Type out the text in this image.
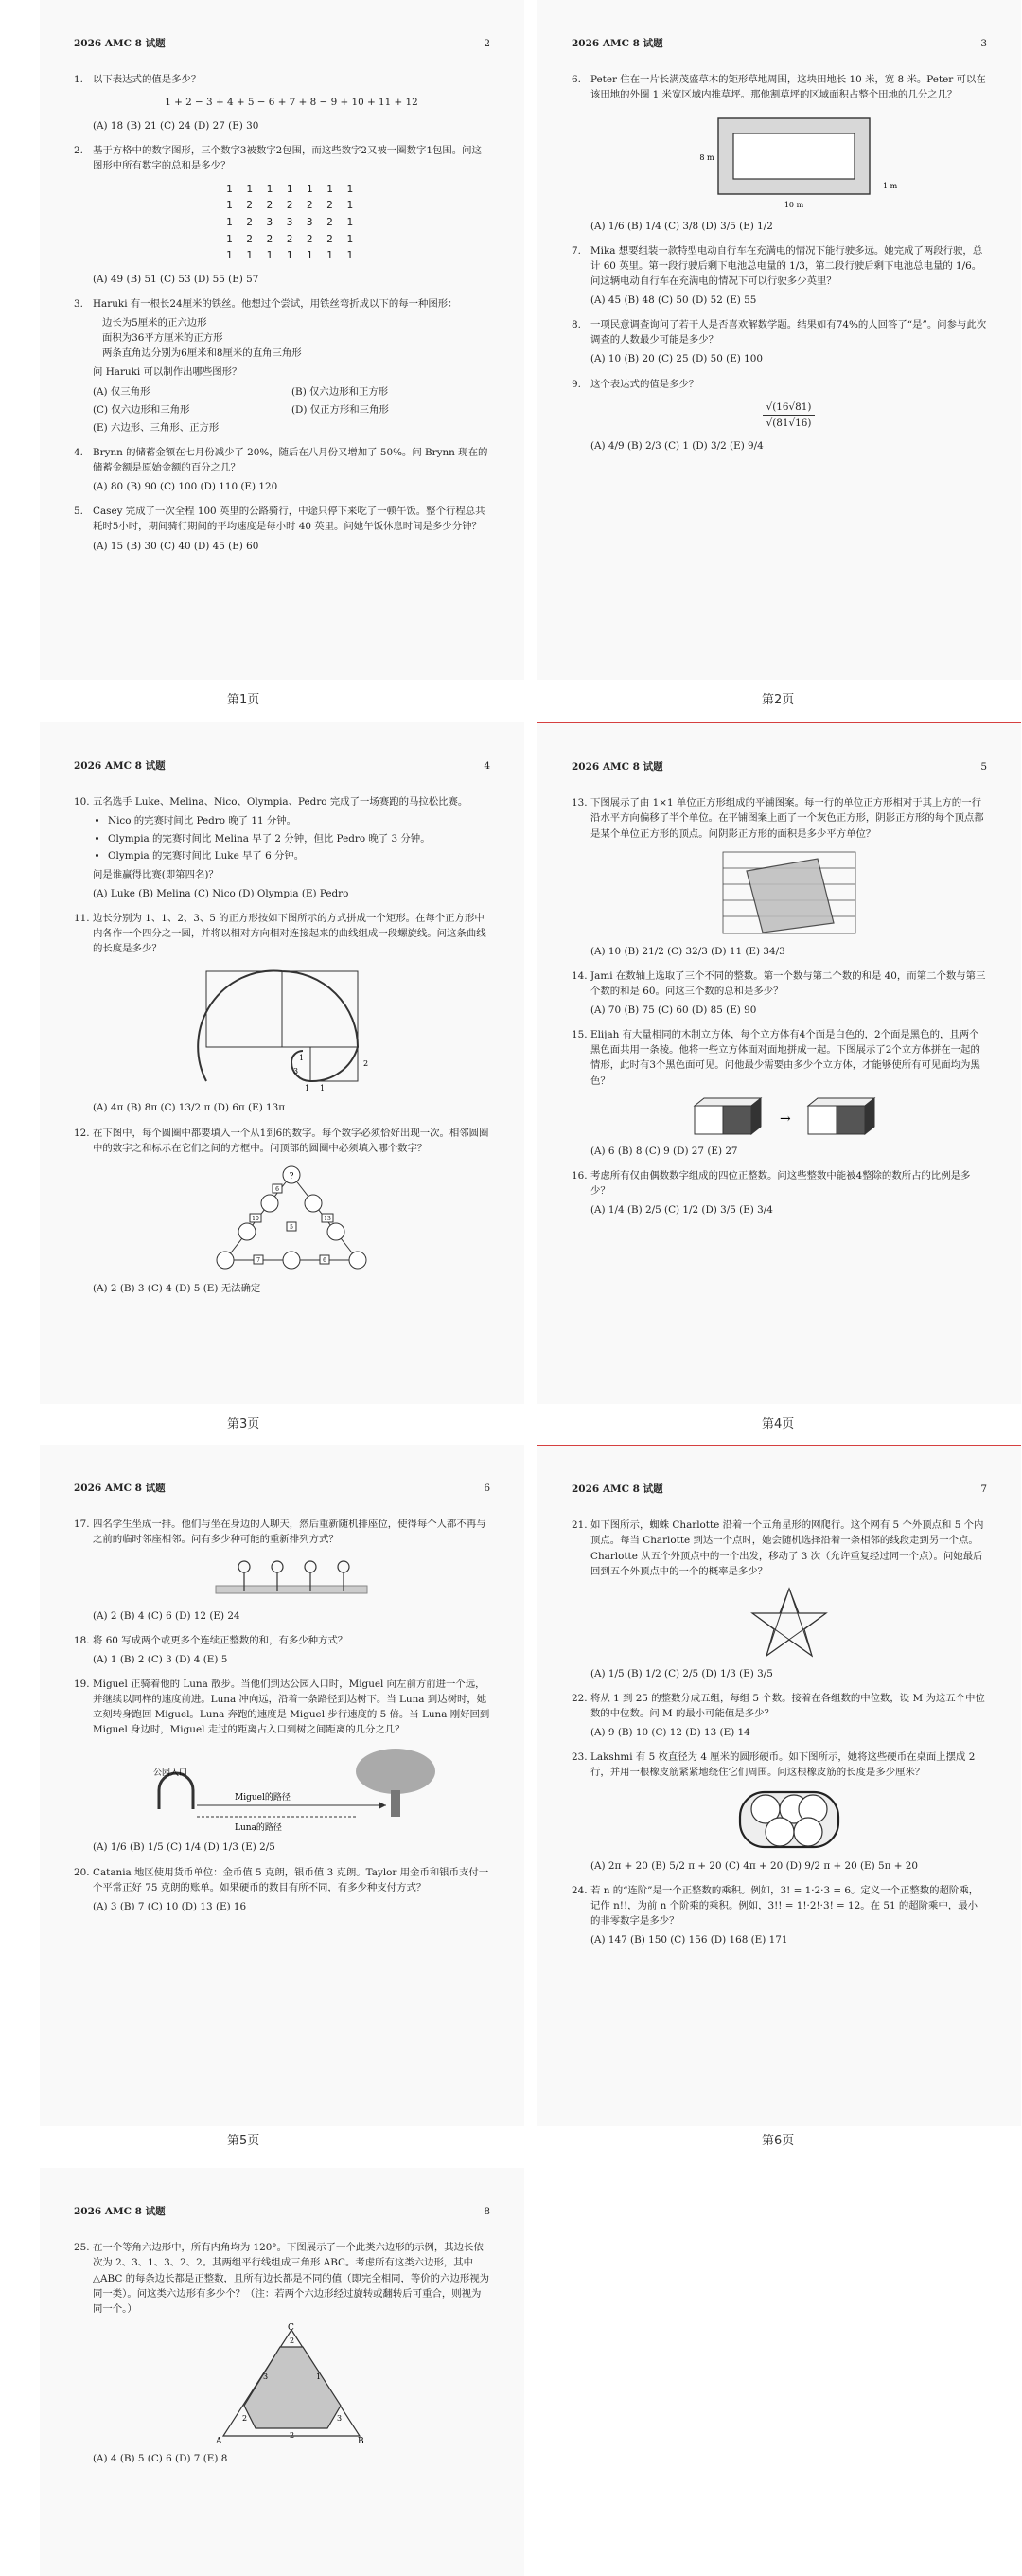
2026 AMC 8 试题	2
1. 以下表达式的值是多少？
1 + 2 − 3 + 4 + 5 − 6 + 7 + 8 − 9 + 10 + 11 + 12
(A) 18 (B) 21 (C) 24 (D) 27 (E) 30
2. 基于方格中的数字图形，三个数字3被数字2包围，而这些数字2又被一圈数字1包围。问这图形中所有数字的总和是多少？
1 1 1 1 1 1 1
1 2 2 2 2 2 1
1 2 3 3 3 2 1
1 2 2 2 2 2 1
1 1 1 1 1 1 1
(A) 49 (B) 51 (C) 53 (D) 55 (E) 57
3. Haruki 有一根长24厘米的铁丝。他想过个尝试，用铁丝弯折成以下的每一种图形：
边长为5厘米的正六边形
面积为36平方厘米的正方形
两条直角边分别为6厘米和8厘米的直角三角形
问 Haruki 可以制作出哪些图形？
(A) 仅三角形	(B) 仅六边形和正方形
(C) 仅六边形和三角形	(D) 仅正方形和三角形
(E) 六边形、三角形、正方形
4. Brynn 的储蓄金额在七月份减少了 20%，随后在八月份又增加了 50%。问 Brynn 现在的储蓄金额是原始金额的百分之几？
(A) 80 (B) 90 (C) 100 (D) 110 (E) 120
5. Casey 完成了一次全程 100 英里的公路骑行，中途只停下来吃了一顿午饭。整个行程总共耗时5小时，期间骑行期间的平均速度是每小时 40 英里。问她午饭休息时间是多少分钟？
(A) 15 (B) 30 (C) 40 (D) 45 (E) 60
第1页
2026 AMC 8 试题	3
6. Peter 住在一片长满茂盛草木的矩形草地周围，这块田地长 10 米，宽 8 米。Peter 可以在该田地的外圈 1 米宽区域内推草坪。那他割草坪的区域面积占整个田地的几分之几？
8 m
10 m
1 m
(A) 1/6 (B) 1/4 (C) 3/8 (D) 3/5 (E) 1/2
7. Mika 想要组装一款特型电动自行车在充满电的情况下能行驶多远。她完成了两段行驶，总计 60 英里。第一段行驶后剩下电池总电量的 1/3，第二段行驶后剩下电池总电量的 1/6。问这辆电动自行车在充满电的情况下可以行驶多少英里？
(A) 45 (B) 48 (C) 50 (D) 52 (E) 55
8. 一项民意调查询问了若干人是否喜欢解数学题。结果如有74%的人回答了“是”。问参与此次调查的人数最少可能是多少？
(A) 10 (B) 20 (C) 25 (D) 50 (E) 100
9. 这个表达式的值是多少？
√(16√81)
√(81√16)
(A) 4/9 (B) 2/3 (C) 1 (D) 3/2 (E) 9/4
第2页
2026 AMC 8 试题	4
10. 五名选手 Luke、Melina、Nico、Olympia、Pedro 完成了一场赛跑的马拉松比赛。
• Nico 的完赛时间比 Pedro 晚了 11 分钟。
• Olympia 的完赛时间比 Melina 早了 2 分钟，但比 Pedro 晚了 3 分钟。
• Olympia 的完赛时间比 Luke 早了 6 分钟。
问是谁赢得比赛(即第四名)？
(A) Luke (B) Melina (C) Nico (D) Olympia (E) Pedro
11. 边长分别为 1、1、2、3、5 的正方形按如下图所示的方式拼成一个矩形。在每个正方形中内各作一个四分之一圆，并将以相对方向相对连接起来的曲线组成一段螺旋线。问这条曲线的长度是多少？
3
2
1
1 1
(A) 4π (B) 8π (C) 13/2 π (D) 6π (E) 13π
12. 在下图中，每个圆圈中都要填入一个从1到6的数字。每个数字必须恰好出现一次。相邻圆圈中的数字之和标示在它们之间的方框中。问顶部的圆圈中必须填入哪个数字？
?
6
10	13
7	6
5
(A) 2 (B) 3 (C) 4 (D) 5 (E) 无法确定
第3页
2026 AMC 8 试题	5
13. 下图展示了由 1×1 单位正方形组成的平铺图案。每一行的单位正方形相对于其上方的一行沿水平方向偏移了半个单位。在平铺图案上画了一个灰色正方形，阴影正方形的每个顶点都是某个单位正方形的顶点。问阴影正方形的面积是多少平方单位？
(A) 10 (B) 21/2 (C) 32/3 (D) 11 (E) 34/3
14. Jami 在数轴上选取了三个不同的整数。第一个数与第二个数的和是 40，而第二个数与第三个数的和是 60。问这三个数的总和是多少？
(A) 70 (B) 75 (C) 60 (D) 85 (E) 90
15. Elijah 有大量相同的木制立方体，每个立方体有4个面是白色的，2个面是黑色的，且两个黑色面共用一条棱。他将一些立方体面对面地拼成一起。下图展示了2个立方体拼在一起的情形，此时有3个黑色面可见。问他最少需要由多少个立方体，才能够使所有可见面均为黑色？
→
(A) 6 (B) 8 (C) 9 (D) 27 (E) 27
16. 考虑所有仅由偶数数字组成的四位正整数。问这些整数中能被4整除的数所占的比例是多少？
(A) 1/4 (B) 2/5 (C) 1/2 (D) 3/5 (E) 3/4
第4页
2026 AMC 8 试题	6
17. 四名学生坐成一排。他们与坐在身边的人聊天，然后重新随机排座位，使得每个人都不再与之前的临时邻座相邻。问有多少种可能的重新排列方式？
(A) 2 (B) 4 (C) 6 (D) 12 (E) 24
18. 将 60 写成两个或更多个连续正整数的和，有多少种方式？
(A) 1 (B) 2 (C) 3 (D) 4 (E) 5
19. Miguel 正骑着他的 Luna 散步。当他们到达公园入口时，Miguel 向左前方前进一个远，并继续以同样的速度前进。Luna 冲向远，沿着一条路径到达树下。当 Luna 到达树时，她立刻转身跑回 Miguel。Luna 奔跑的速度是 Miguel 步行速度的 5 倍。当 Luna 刚好回到 Miguel 身边时，Miguel 走过的距离占入口到树之间距离的几分之几？
公园入口
Miguel的路径
Luna的路径
(A) 1/6 (B) 1/5 (C) 1/4 (D) 1/3 (E) 2/5
20. Catania 地区使用货币单位：金币值 5 克朗，银币值 3 克朗。Taylor 用金币和银币支付一个平常正好 75 克朗的账单。如果硬币的数目有所不同，有多少种支付方式？
(A) 3 (B) 7 (C) 10 (D) 13 (E) 16
第5页
2026 AMC 8 试题	7
21. 如下图所示，蜘蛛 Charlotte 沿着一个五角星形的网爬行。这个网有 5 个外顶点和 5 个内顶点。每当 Charlotte 到达一个点时，她会随机选择沿着一条相邻的线段走到另一个点。Charlotte 从五个外顶点中的一个出发，移动了 3 次（允许重复经过同一个点）。问她最后回到五个外顶点中的一个的概率是多少？
(A) 1/5 (B) 1/2 (C) 2/5 (D) 1/3 (E) 3/5
22. 将从 1 到 25 的整数分成五组，每组 5 个数。接着在各组数的中位数，设 M 为这五个中位数的中位数。问 M 的最小可能值是多少？
(A) 9 (B) 10 (C) 12 (D) 13 (E) 14
23. Lakshmi 有 5 枚直径为 4 厘米的圆形硬币。如下图所示，她将这些硬币在桌面上摆成 2 行，并用一根橡皮筋紧紧地绕住它们周围。问这根橡皮筋的长度是多少厘米？
(A) 2π + 20 (B) 5/2 π + 20 (C) 4π + 20 (D) 9/2 π + 20 (E) 5π + 20
24. 若 n 的“连阶”是一个正整数的乘积。例如，3! = 1·2·3 = 6。定义一个正整数的超阶乘，记作 n!!，为前 n 个阶乘的乘积。例如，3!! = 1!·2!·3! = 12。在 51 的超阶乘中，最小的非零数字是多少？
(A) 147 (B) 150 (C) 156 (D) 168 (E) 171
第6页
2026 AMC 8 试题	8
25. 在一个等角六边形中，所有内角均为 120°。下图展示了一个此类六边形的示例，其边长依次为 2、3、1、3、2、2。其两组平行线组成三角形 ABC。考虑所有这类六边形，其中 △ABC 的每条边长都是正整数，且所有边长都是不同的值（即完全相同，等价的六边形视为同一类）。问这类六边形有多少个？（注：若两个六边形经过旋转或翻转后可重合，则视为同一个。）
C
A	B
3
2
1
3
2
2
(A) 4 (B) 5 (C) 6 (D) 7 (E) 8
